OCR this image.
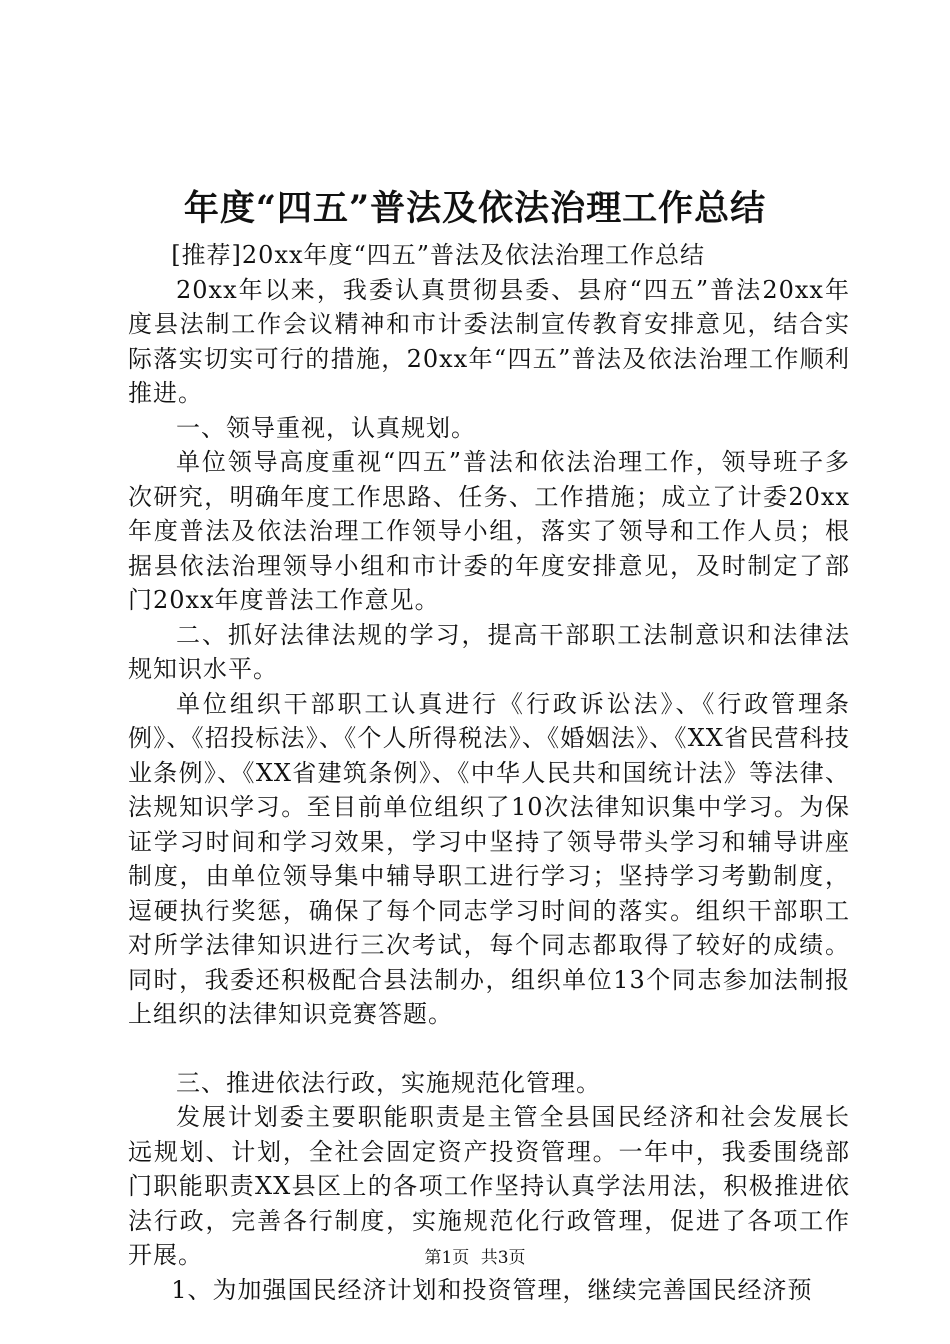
年度“四五”普法及依法治理工作总结

[推荐]20xx年度“四五”普法及依法治理工作总结

20xx年以来，我委认真贯彻县委、县府“四五”普法20xx年度县法制工作会议精神和市计委法制宣传教育安排意见，结合实际落实切实可行的措施，20xx年“四五”普法及依法治理工作顺利推进。

一、领导重视，认真规划。

单位领导高度重视“四五”普法和依法治理工作，领导班子多次研究，明确年度工作思路、任务、工作措施；成立了计委20xx年度普法及依法治理工作领导小组，落实了领导和工作人员；根据县依法治理领导小组和市计委的年度安排意见，及时制定了部门20xx年度普法工作意见。

二、抓好法律法规的学习，提高干部职工法制意识和法律法规知识水平。

单位组织干部职工认真进行《行政诉讼法》、《行政管理条例》、《招投标法》、《个人所得税法》、《婚姻法》、《XX省民营科技业条例》、《XX省建筑条例》、《中华人民共和国统计法》等法律、法规知识学习。至目前单位组织了10次法律知识集中学习。为保证学习时间和学习效果，学习中坚持了领导带头学习和辅导讲座制度，由单位领导集中辅导职工进行学习；坚持学习考勤制度，逗硬执行奖惩，确保了每个同志学习时间的落实。组织干部职工对所学法律知识进行三次考试，每个同志都取得了较好的成绩。同时，我委还积极配合县法制办，组织单位13个同志参加法制报上组织的法律知识竞赛答题。

三、推进依法行政，实施规范化管理。

发展计划委主要职能职责是主管全县国民经济和社会发展长远规划、计划，全社会固定资产投资管理。一年中，我委围绕部门职能职责XX县区上的各项工作坚持认真学法用法，积极推进依法行政，完善各行制度，实施规范化行政管理，促进了各项工作开展。

1、为加强国民经济计划和投资管理，继续完善国民经济预

第1页 共3页
